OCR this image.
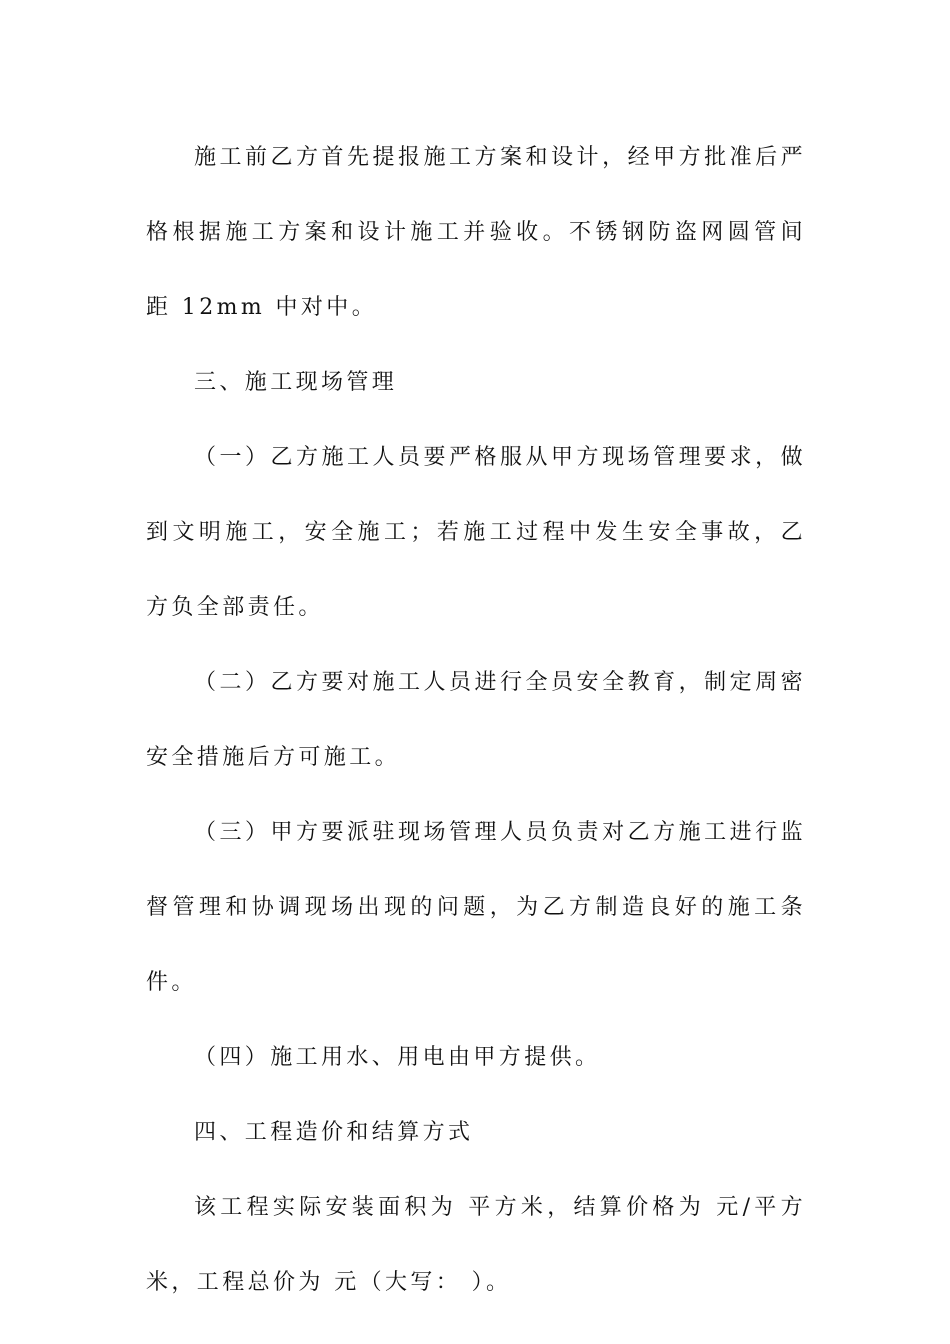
施工前乙方首先提报施工方案和设计，经甲方批准后严格根据施工方案和设计施工并验收。不锈钢防盗网圆管间距 12mm 中对中。

三、施工现场管理

（一）乙方施工人员要严格服从甲方现场管理要求，做到文明施工，安全施工；若施工过程中发生安全事故，乙方负全部责任。

（二）乙方要对施工人员进行全员安全教育，制定周密安全措施后方可施工。

（三）甲方要派驻现场管理人员负责对乙方施工进行监督管理和协调现场出现的问题，为乙方制造良好的施工条件。

（四）施工用水、用电由甲方提供。

四、工程造价和结算方式

该工程实际安装面积为 平方米，结算价格为 元/平方米，工程总价为 元（大写： ）。
